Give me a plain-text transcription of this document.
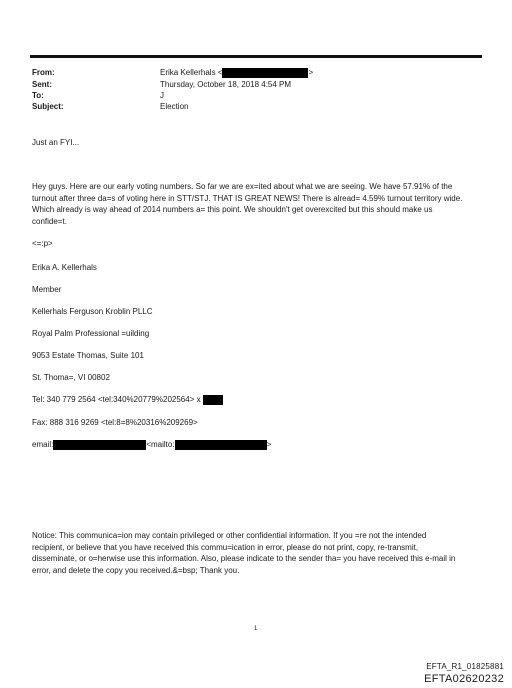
From:	Erika Kellerhals <	>
Sent:	Thursday, October 18, 2018 4:54 PM
To:	J
Subject:	Election
Just an FYI...
Hey guys. Here are our early voting numbers. So far we are ex=ited about what we are seeing. We have 57.91% of the
turnout after three da=s of voting here in STT/STJ. THAT IS GREAT NEWS! There is alread= 4.59% turnout territory wide.
Which already is way ahead of 2014 numbers a= this point. We shouldn't get overexcited but this should make us
confide=t.
<=:p>
Erika A. Kellerhals
Member
Kellerhals Ferguson Kroblin PLLC
Royal Palm Professional =uilding
9053 Estate Thomas, Suite 101
St. Thoma=, VI 00802
Tel: 340 779 2564 <tel:340%20779%202564> x
Fax: 888 316 9269 <tel:8=8%20316%209269>
email:	<mailto:	>
Notice: This communica=ion may contain privileged or other confidential information. If you =re not the intended
recipient, or believe that you have received this commu=ication in error, please do not print, copy, re-transmit,
disseminate, or o=herwise use this information. Also, please indicate to the sender tha= you have received this e-mail in
error, and delete the copy you received.&=bsp; Thank you.
1
EFTA_R1_01825881
EFTA02620232
